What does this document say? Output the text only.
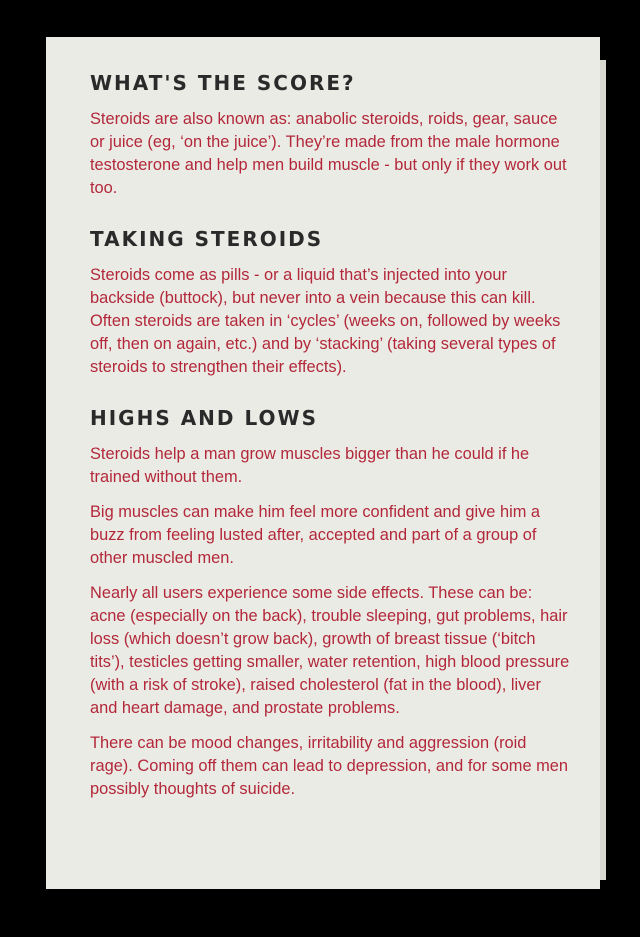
WHAT'S THE SCORE?

Steroids are also known as: anabolic steroids, roids, gear, sauce or juice (eg, ‘on the juice’). They’re made from the male hormone testosterone and help men build muscle - but only if they work out too.

TAKING STEROIDS

Steroids come as pills - or a liquid that’s injected into your backside (buttock), but never into a vein because this can kill. Often steroids are taken in ‘cycles’ (weeks on, followed by weeks off, then on again, etc.) and by ‘stacking’ (taking several types of steroids to strengthen their effects).

HIGHS AND LOWS

Steroids help a man grow muscles bigger than he could if he trained without them.

Big muscles can make him feel more confident and give him a buzz from feeling lusted after, accepted and part of a group of other muscled men.

Nearly all users experience some side effects. These can be: acne (especially on the back), trouble sleeping, gut problems, hair loss (which doesn’t grow back), growth of breast tissue (‘bitch tits’), testicles getting smaller, water retention, high blood pressure (with a risk of stroke), raised cholesterol (fat in the blood), liver and heart damage, and prostate problems.

There can be mood changes, irritability and aggression (roid rage). Coming off them can lead to depression, and for some men possibly thoughts of suicide.
